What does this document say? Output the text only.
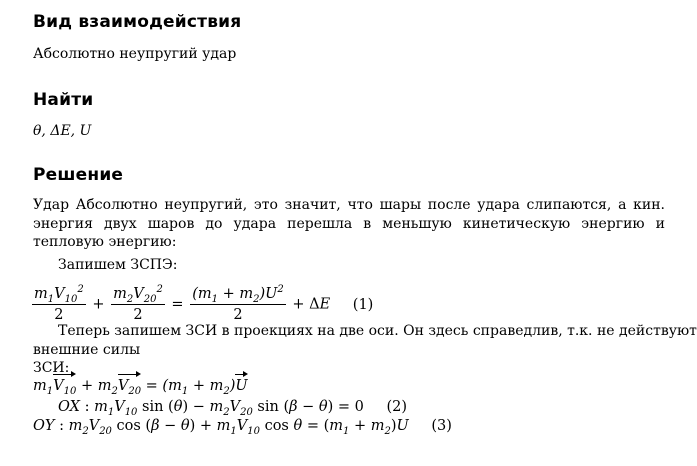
Вид взаимодействия
Абсолютно неупругий удар
Найти
θ, ΔE, U
Решение

Удар Абсолютно неупругий, это значит, что шары после удара слипаются, а кин. энергия двух шаров до удара перешла в меньшую кинетическую энергию и тепловую энергию:

Запишем ЗСПЭ:
$\frac{m_1V_{10}^2}{2} + \frac{m_2V_{20}^2}{2} = \frac{(m_1 + m_2)U^2}{2} + \Delta E$ (1)
Теперь запишем ЗСИ в проекциях на две оси. Он здесь справедлив, т.к. не действуют
внешние силы
ЗСИ:
$m_1V_{10} + m_2V_{20} = (m_1 + m_2)U$
OX : $m_1V_{10}$ $\sin (\theta) - m_2V_{20}$ sin (β − θ) = 0 (2)
OY : $m_2V_{20}$ $\cos (\beta - \theta) + m_1V_{10}$ $\cos \theta = (m_1 + m_2)U$ (3)
